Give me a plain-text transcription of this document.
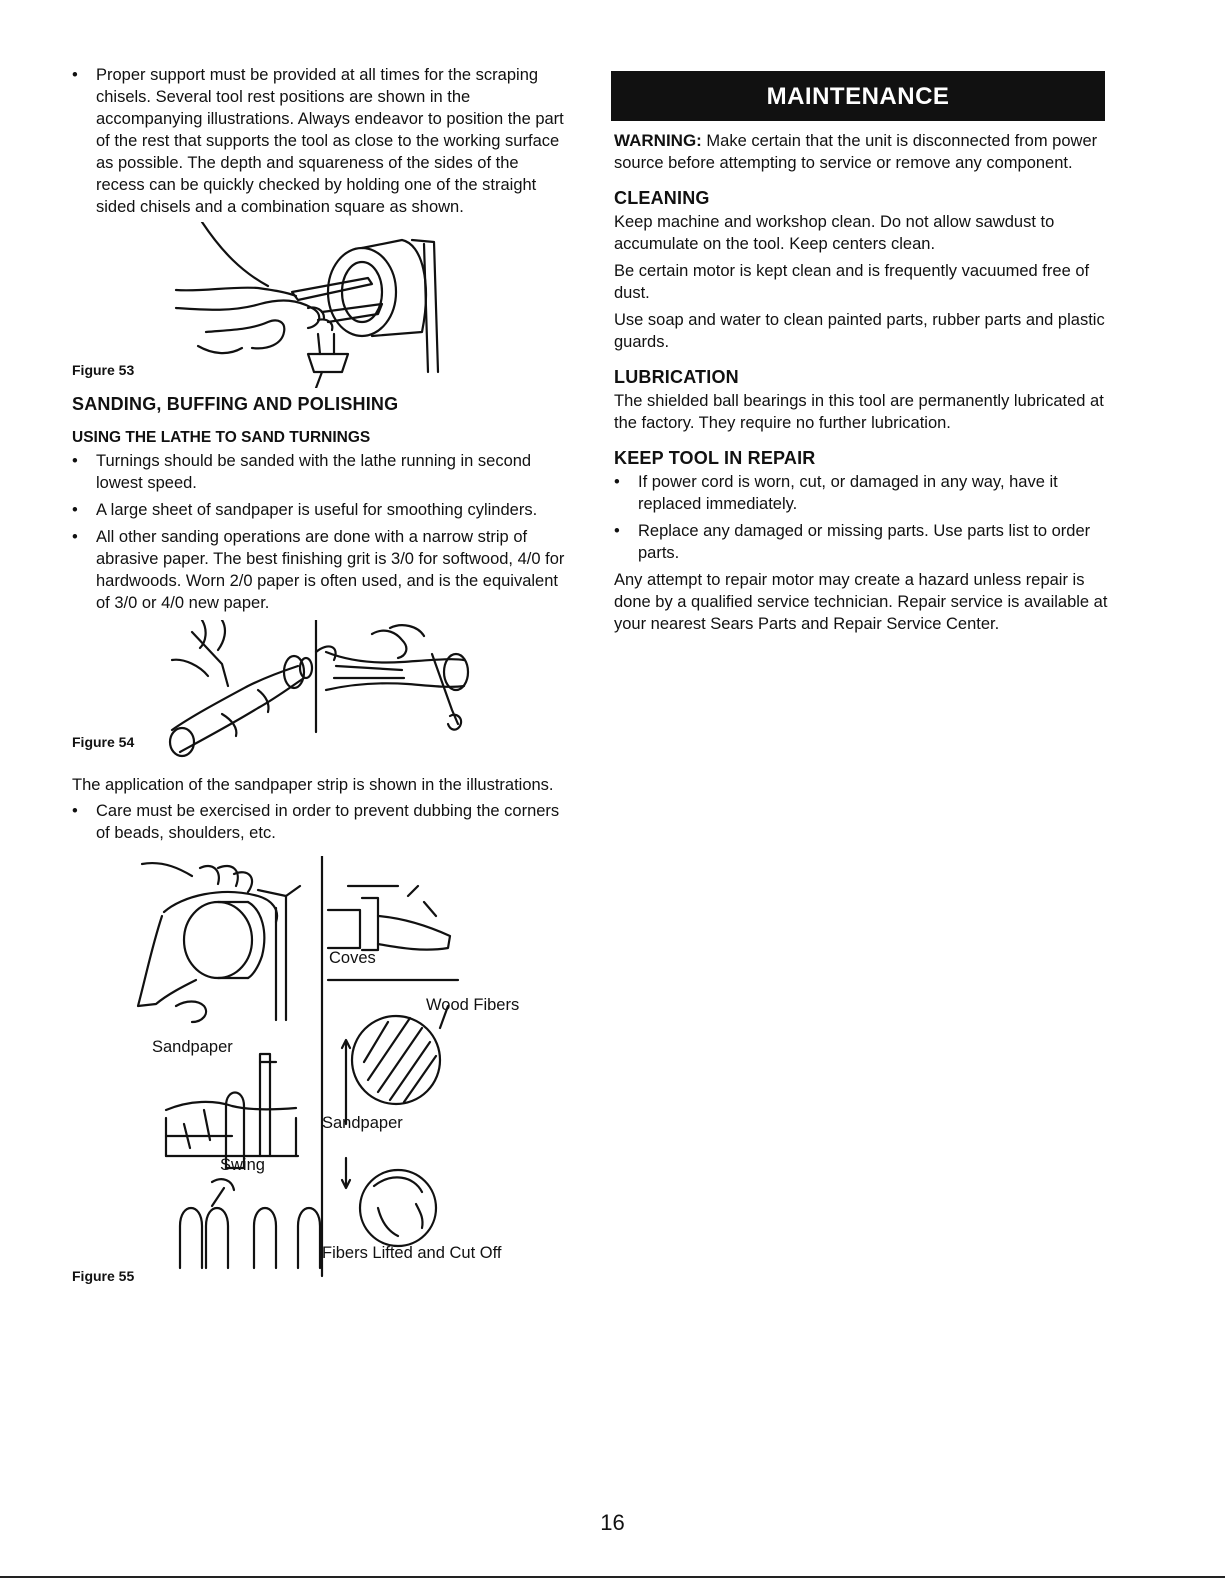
• Proper support must be provided at all times for the scraping chisels. Several tool rest positions are shown in the accompanying illustrations. Always endeavor to position the part of the rest that supports the tool as close to the working surface as possible. The depth and squareness of the sides of the recess can be quickly checked by holding one of the straight sided chisels and a combination square as shown.
Figure 53
SANDING, BUFFING AND POLISHING
USING THE LATHE TO SAND TURNINGS
• Turnings should be sanded with the lathe running in second lowest speed.
• A large sheet of sandpaper is useful for smoothing cylinders.
• All other sanding operations are done with a narrow strip of abrasive paper. The best finishing grit is 3/0 for softwood, 4/0 for hardwoods. Worn 2/0 paper is often used, and is the equivalent of 3/0 or 4/0 new paper.
Figure 54

The application of the sandpaper strip is shown in the illustrations.

• Care must be exercised in order to prevent dubbing the corners of beads, shoulders, etc.
Coves
Wood Fibers
Sandpaper
Sandpaper
Swing
Fibers Lifted and Cut Off
Figure 55
MAINTENANCE

WARNING: Make certain that the unit is disconnected from power source before attempting to service or remove any component.

CLEANING

Keep machine and workshop clean. Do not allow sawdust to accumulate on the tool. Keep centers clean.

Be certain motor is kept clean and is frequently vacuumed free of dust.

Use soap and water to clean painted parts, rubber parts and plastic guards.

LUBRICATION

The shielded ball bearings in this tool are permanently lubricated at the factory. They require no further lubrication.

KEEP TOOL IN REPAIR
• If power cord is worn, cut, or damaged in any way, have it replaced immediately.
• Replace any damaged or missing parts. Use parts list to order parts.

Any attempt to repair motor may create a hazard unless repair is done by a qualified service technician. Repair service is available at your nearest Sears Parts and Repair Service Center.

16
